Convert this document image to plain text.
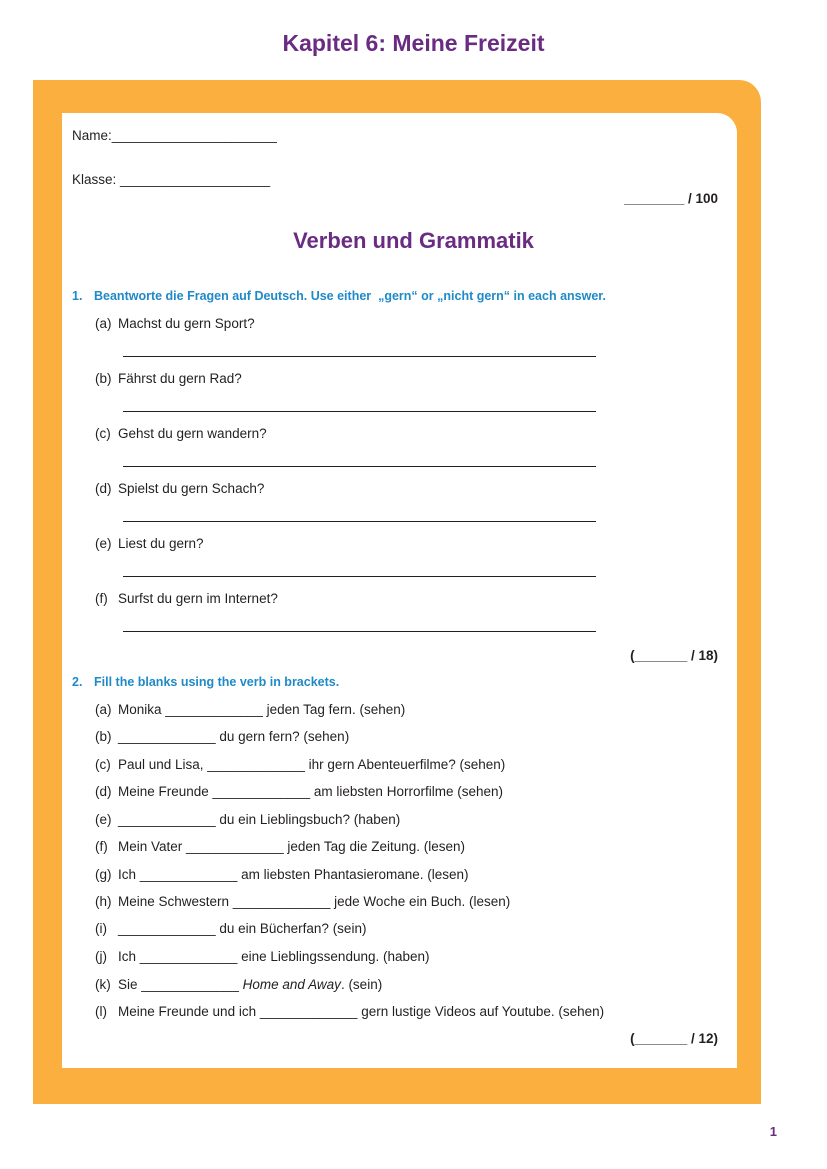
Kapitel 6: Meine Freizeit
Name:______________________
Klasse: ____________________
________ / 100
Verben und Grammatik
1. Beantworte die Fragen auf Deutsch. Use either  „gern“ or „nicht gern“ in each answer.
(a) Machst du gern Sport?
(b) Fährst du gern Rad?
(c) Gehst du gern wandern?
(d) Spielst du gern Schach?
(e) Liest du gern?
(f) Surfst du gern im Internet?
(_______ / 18)
2. Fill the blanks using the verb in brackets.
(a) Monika _____________ jeden Tag fern. (sehen)
(b) _____________ du gern fern? (sehen)
(c) Paul und Lisa, _____________ ihr gern Abenteuerfilme? (sehen)
(d) Meine Freunde _____________ am liebsten Horrorfilme (sehen)
(e) _____________ du ein Lieblingsbuch? (haben)
(f) Mein Vater _____________ jeden Tag die Zeitung. (lesen)
(g) Ich _____________ am liebsten Phantasieromane. (lesen)
(h) Meine Schwestern _____________ jede Woche ein Buch. (lesen)
(i) _____________ du ein Bücherfan? (sein)
(j) Ich _____________ eine Lieblingssendung. (haben)
(k) Sie _____________ Home and Away. (sein)
(l) Meine Freunde und ich _____________ gern lustige Videos auf Youtube. (sehen)
(_______ / 12)
1
